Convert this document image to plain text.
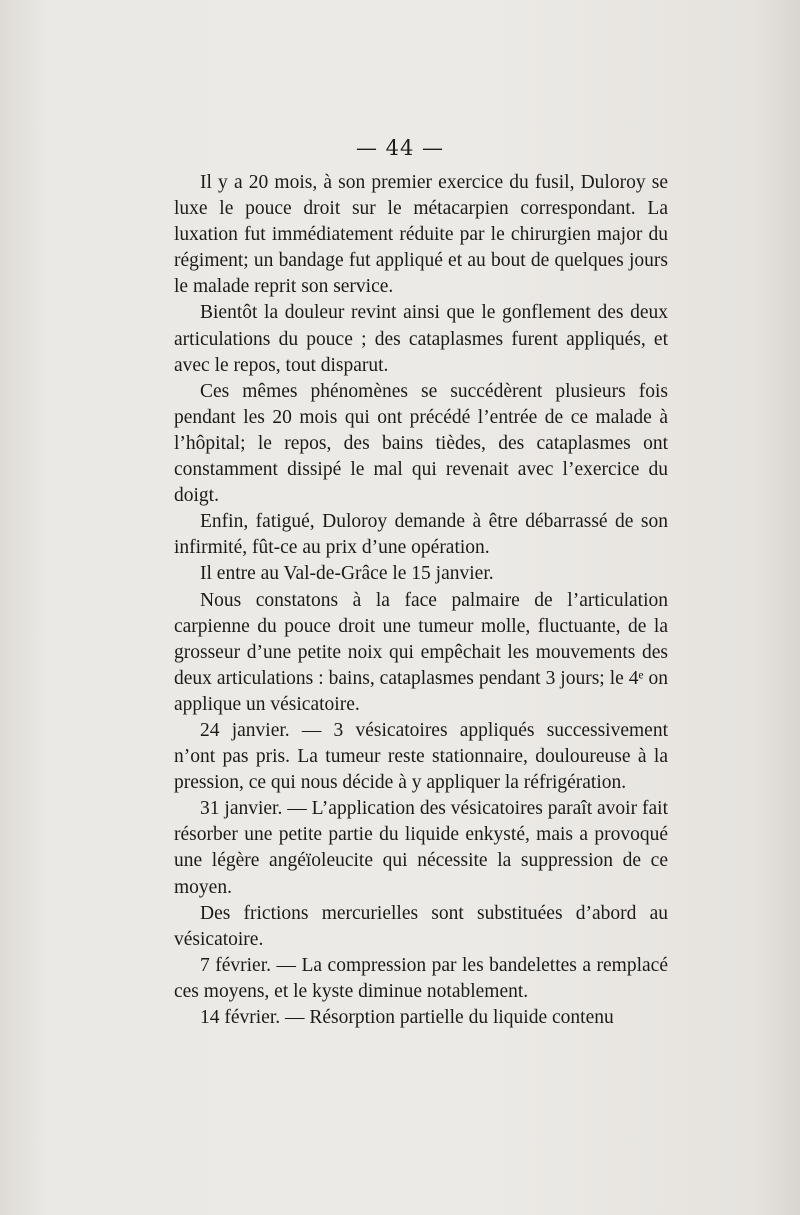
— 44 —

Il y a 20 mois, à son premier exercice du fusil, Duloroy se luxe le pouce droit sur le métacarpien correspondant. La luxation fut immédiatement réduite par le chirurgien major du régiment; un bandage fut appliqué et au bout de quelques jours le malade reprit son service.

Bientôt la douleur revint ainsi que le gonflement des deux articulations du pouce ; des cataplasmes furent appliqués, et avec le repos, tout disparut.

Ces mêmes phénomènes se succédèrent plusieurs fois pendant les 20 mois qui ont précédé l’entrée de ce malade à l’hôpital; le repos, des bains tièdes, des cataplasmes ont constamment dissipé le mal qui revenait avec l’exercice du doigt.

Enfin, fatigué, Duloroy demande à être débarrassé de son infirmité, fût-ce au prix d’une opération.

Il entre au Val-de-Grâce le 15 janvier.

Nous constatons à la face palmaire de l’articulation carpienne du pouce droit une tumeur molle, fluctuante, de la grosseur d’une petite noix qui empêchait les mouvements des deux articulations : bains, cataplasmes pendant 3 jours; le 4ᵉ on applique un vésicatoire.

24 janvier. — 3 vésicatoires appliqués successivement n’ont pas pris. La tumeur reste stationnaire, douloureuse à la pression, ce qui nous décide à y appliquer la réfrigération.

31 janvier. — L’application des vésicatoires paraît avoir fait résorber une petite partie du liquide enkysté, mais a provoqué une légère angéïoleucite qui nécessite la suppression de ce moyen.

Des frictions mercurielles sont substituées d’abord au vésicatoire.

7 février. — La compression par les bandelettes a remplacé ces moyens, et le kyste diminue notablement.

14 février. — Résorption partielle du liquide contenu
